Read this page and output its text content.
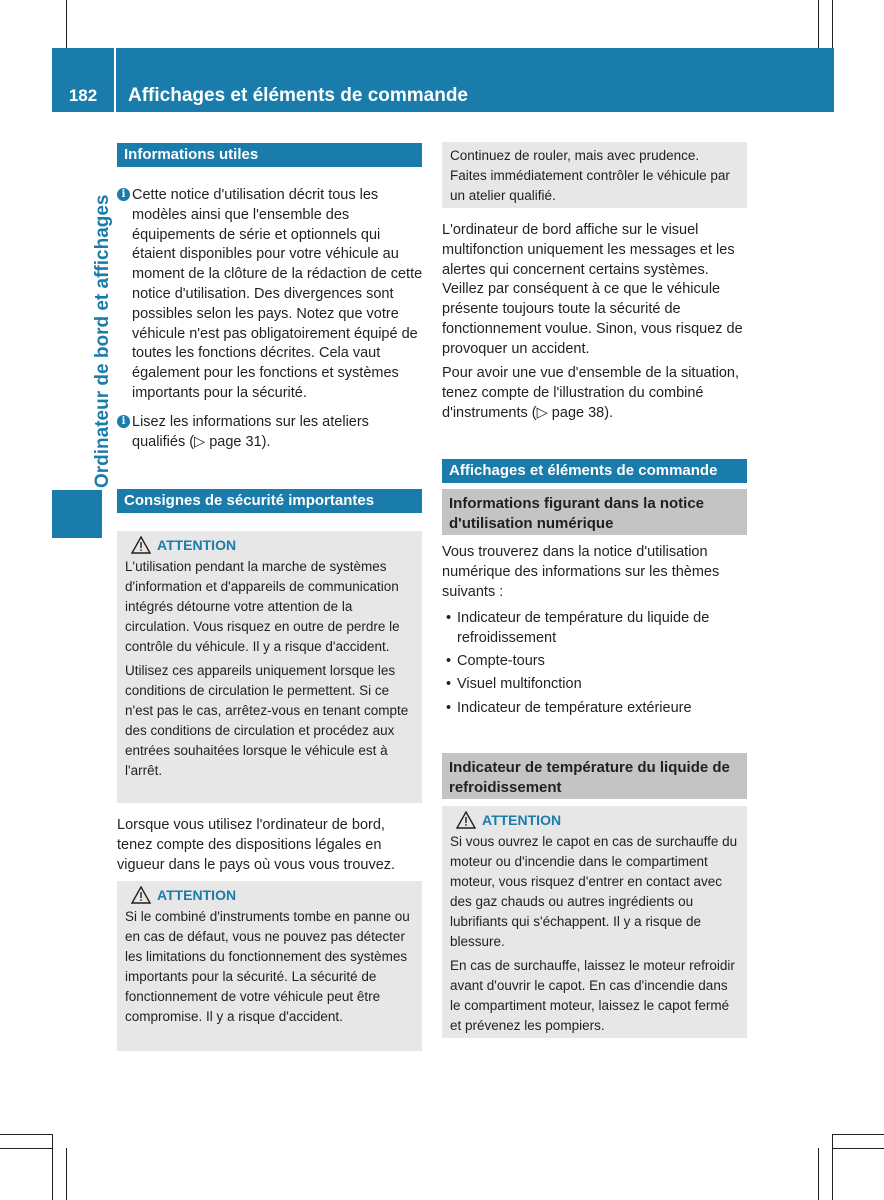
182	Affichages et éléments de commande
Ordinateur de bord et affichages
Informations utiles
i Cette notice d'utilisation décrit tous les modèles ainsi que l'ensemble des équipements de série et optionnels qui étaient disponibles pour votre véhicule au moment de la clôture de la rédaction de cette notice d'utilisation. Des divergences sont possibles selon les pays. Notez que votre véhicule n'est pas obligatoirement équipé de toutes les fonctions décrites. Cela vaut également pour les fonctions et systèmes importants pour la sécurité.
i Lisez les informations sur les ateliers qualifiés (▷ page 31).
Consignes de sécurité importantes
ATTENTION
L'utilisation pendant la marche de systèmes d'information et d'appareils de communication intégrés détourne votre attention de la circulation. Vous risquez en outre de perdre le contrôle du véhicule. Il y a risque d'accident.
Utilisez ces appareils uniquement lorsque les conditions de circulation le permettent. Si ce n'est pas le cas, arrêtez-vous en tenant compte des conditions de circulation et procédez aux entrées souhaitées lorsque le véhicule est à l'arrêt.
Lorsque vous utilisez l'ordinateur de bord, tenez compte des dispositions légales en vigueur dans le pays où vous vous trouvez.
ATTENTION
Si le combiné d'instruments tombe en panne ou en cas de défaut, vous ne pouvez pas détecter les limitations du fonctionnement des systèmes importants pour la sécurité. La sécurité de fonctionnement de votre véhicule peut être compromise. Il y a risque d'accident.
Continuez de rouler, mais avec prudence. Faites immédiatement contrôler le véhicule par un atelier qualifié.
L'ordinateur de bord affiche sur le visuel multifonction uniquement les messages et les alertes qui concernent certains systèmes. Veillez par conséquent à ce que le véhicule présente toujours toute la sécurité de fonctionnement voulue. Sinon, vous risquez de provoquer un accident.
Pour avoir une vue d'ensemble de la situation, tenez compte de l'illustration du combiné d'instruments (▷ page 38).
Affichages et éléments de commande
Informations figurant dans la notice d'utilisation numérique
Vous trouverez dans la notice d'utilisation numérique des informations sur les thèmes suivants :
• Indicateur de température du liquide de refroidissement
• Compte-tours
• Visuel multifonction
• Indicateur de température extérieure
Indicateur de température du liquide de refroidissement
ATTENTION
Si vous ouvrez le capot en cas de surchauffe du moteur ou d'incendie dans le compartiment moteur, vous risquez d'entrer en contact avec des gaz chauds ou autres ingrédients ou lubrifiants qui s'échappent. Il y a risque de blessure.
En cas de surchauffe, laissez le moteur refroidir avant d'ouvrir le capot. En cas d'incendie dans le compartiment moteur, laissez le capot fermé et prévenez les pompiers.
